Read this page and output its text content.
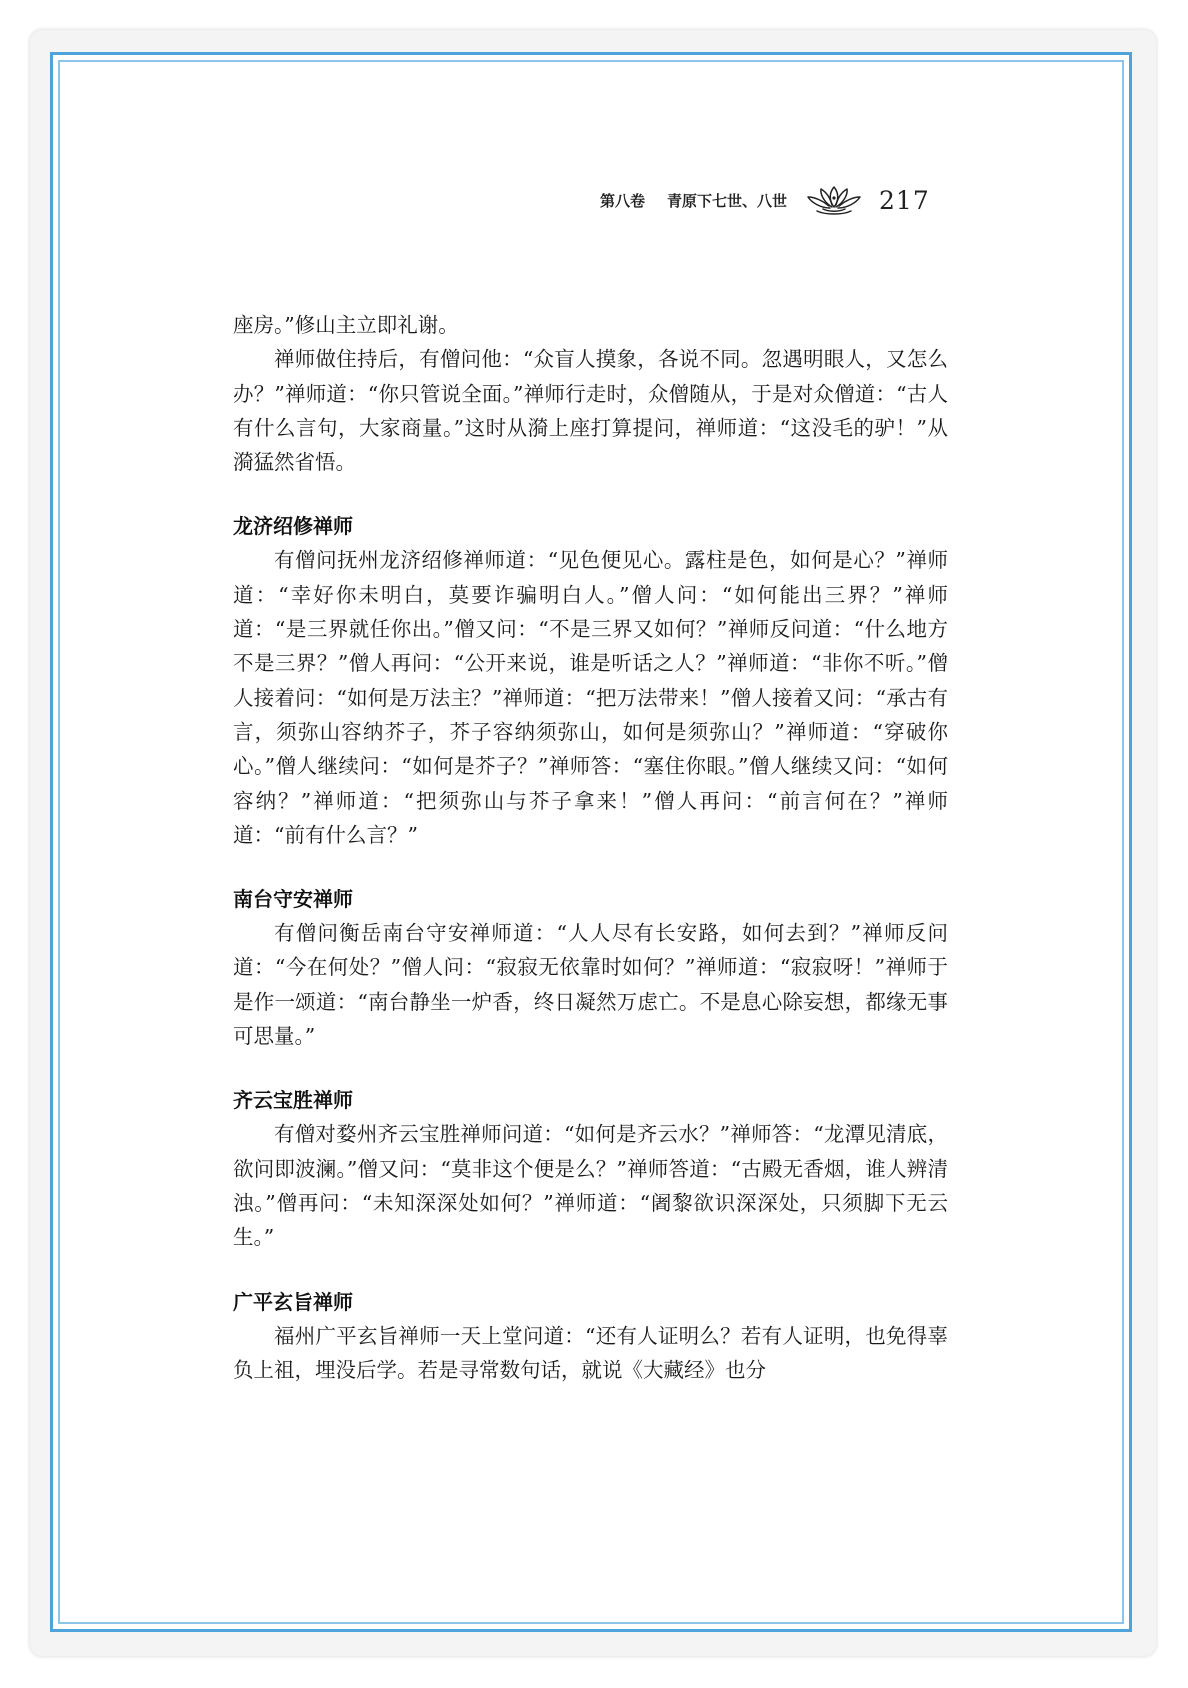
第八卷 青原下七世、八世	217

座房。”修山主立即礼谢。

禅师做住持后，有僧问他：“众盲人摸象，各说不同。忽遇明眼人，又怎么办？”禅师道：“你只管说全面。”禅师行走时，众僧随从，于是对众僧道：“古人有什么言句，大家商量。”这时从漪上座打算提问，禅师道：“这没毛的驴！”从漪猛然省悟。

龙济绍修禅师

有僧问抚州龙济绍修禅师道：“见色便见心。露柱是色，如何是心？”禅师道：“幸好你未明白，莫要诈骗明白人。”僧人问：“如何能出三界？”禅师道：“是三界就任你出。”僧又问：“不是三界又如何？”禅师反问道：“什么地方不是三界？”僧人再问：“公开来说，谁是听话之人？”禅师道：“非你不听。”僧人接着问：“如何是万法主？”禅师道：“把万法带来！”僧人接着又问：“承古有言，须弥山容纳芥子，芥子容纳须弥山，如何是须弥山？”禅师道：“穿破你心。”僧人继续问：“如何是芥子？”禅师答：“塞住你眼。”僧人继续又问：“如何容纳？”禅师道：“把须弥山与芥子拿来！”僧人再问：“前言何在？”禅师道：“前有什么言？”

南台守安禅师

有僧问衡岳南台守安禅师道：“人人尽有长安路，如何去到？”禅师反问道：“今在何处？”僧人问：“寂寂无依靠时如何？”禅师道：“寂寂呀！”禅师于是作一颂道：“南台静坐一炉香，终日凝然万虑亡。不是息心除妄想，都缘无事可思量。”

齐云宝胜禅师

有僧对婺州齐云宝胜禅师问道：“如何是齐云水？”禅师答：“龙潭见清底，欲问即波澜。”僧又问：“莫非这个便是么？”禅师答道：“古殿无香烟，谁人辨清浊。”僧再问：“未知深深处如何？”禅师道：“阇黎欲识深深处，只须脚下无云生。”

广平玄旨禅师

福州广平玄旨禅师一天上堂问道：“还有人证明么？若有人证明，也免得辜负上祖，埋没后学。若是寻常数句话，就说《大藏经》也分
